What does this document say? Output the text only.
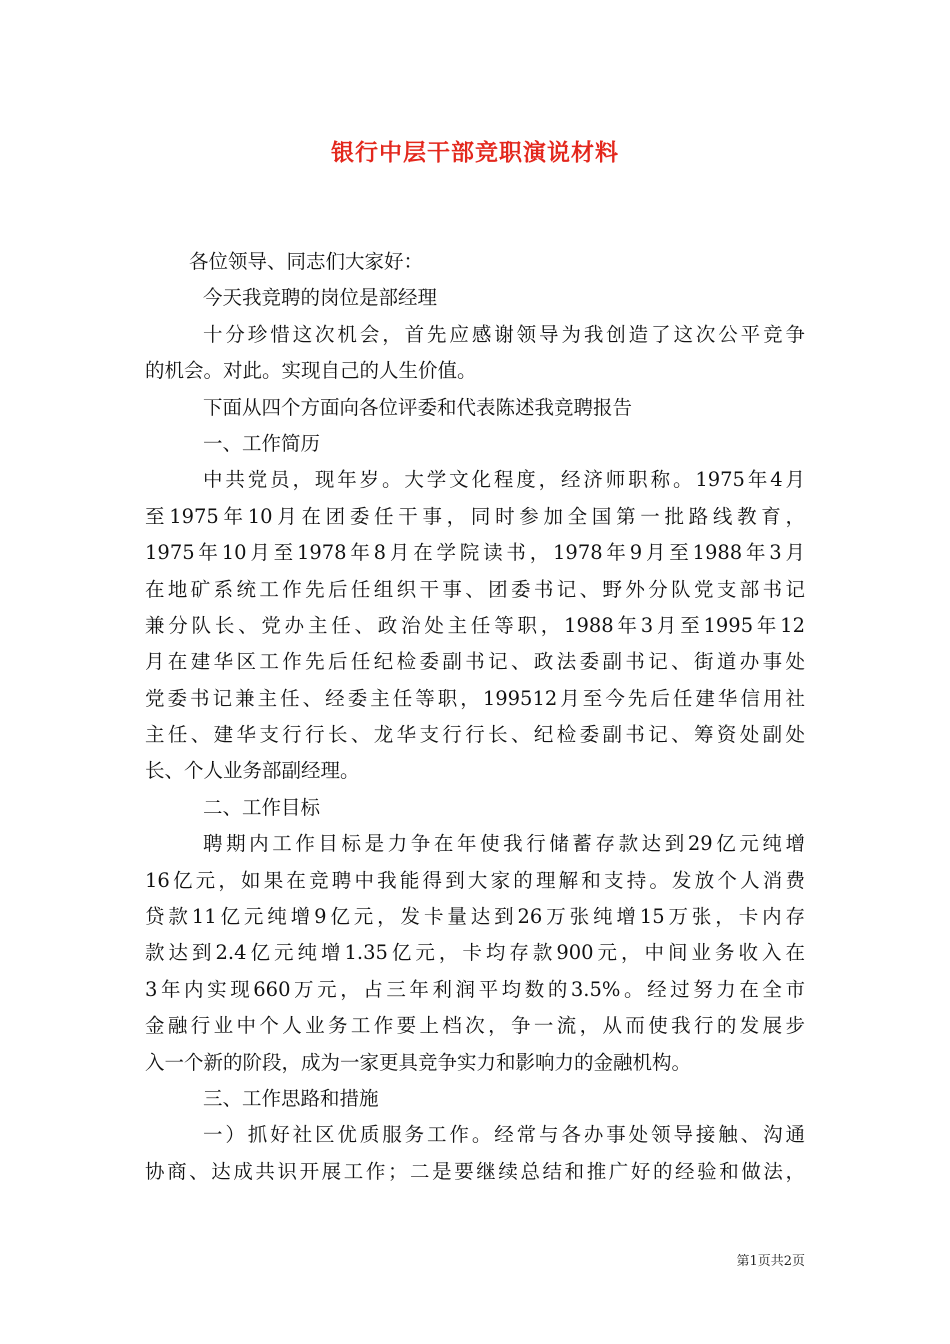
银行中层干部竞职演说材料
各位领导、同志们大家好：
今天我竞聘的岗位是部经理
十分珍惜这次机会，首先应感谢领导为我创造了这次公平竞争
的机会。对此。实现自己的人生价值。
下面从四个方面向各位评委和代表陈述我竞聘报告
一、工作简历
中共党员，现年岁。大学文化程度，经济师职称。1975年4月
至1975年10月在团委任干事，同时参加全国第一批路线教育，
1975年10月至1978年8月在学院读书，1978年9月至1988年3月
在地矿系统工作先后任组织干事、团委书记、野外分队党支部书记
兼分队长、党办主任、政治处主任等职，1988年3月至1995年12
月在建华区工作先后任纪检委副书记、政法委副书记、街道办事处
党委书记兼主任、经委主任等职，199512月至今先后任建华信用社
主任、建华支行行长、龙华支行行长、纪检委副书记、筹资处副处
长、个人业务部副经理。
二、工作目标
聘期内工作目标是力争在年使我行储蓄存款达到29亿元纯增
16亿元，如果在竞聘中我能得到大家的理解和支持。发放个人消费
贷款11亿元纯增9亿元，发卡量达到26万张纯增15万张，卡内存
款达到2.4亿元纯增1.35亿元，卡均存款900元，中间业务收入在
3年内实现660万元，占三年利润平均数的3.5%。经过努力在全市
金融行业中个人业务工作要上档次，争一流，从而使我行的发展步
入一个新的阶段，成为一家更具竞争实力和影响力的金融机构。
三、工作思路和措施
一）抓好社区优质服务工作。经常与各办事处领导接触、沟通
协商、达成共识开展工作；二是要继续总结和推广好的经验和做法，
第1页共2页
